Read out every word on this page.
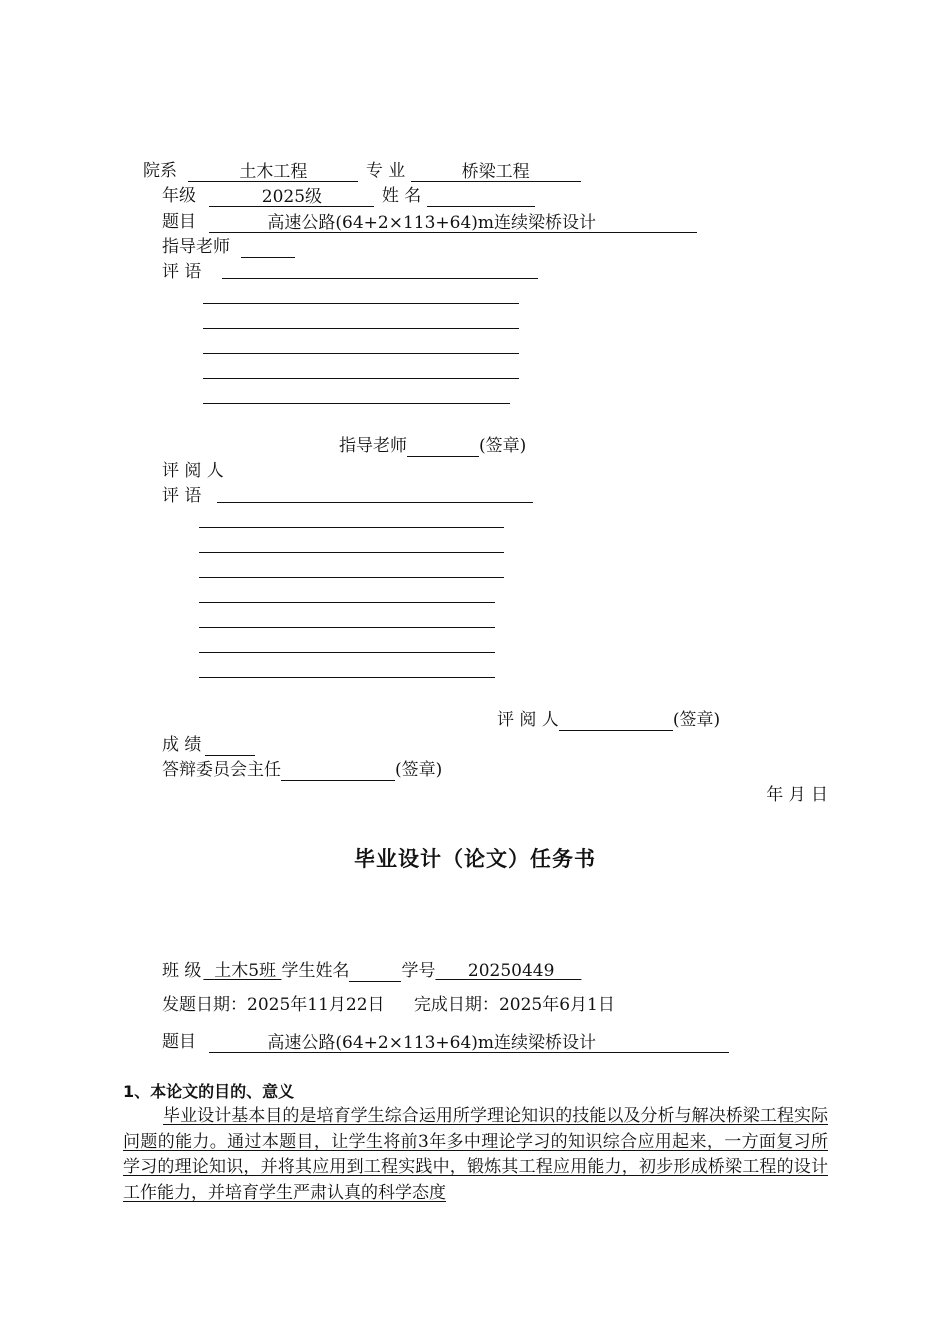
院系	土木工程	专 业	桥梁工程
年级	2025级	姓 名
题目	高速公路(64+2×113+64)m连续梁桥设计
指导老师
评 语
指导老师	(签章)
评 阅 人
评 语
评 阅 人	(签章)
成 绩
答辩委员会主任	(签章)
年 月 日
毕业设计（论文）任务书
班 级 土木5班 学生姓名	学号 20250449
发题日期：2025年11月22日 完成日期：2025年6月1日
题目	高速公路(64+2×113+64)m连续梁桥设计
1、本论文的目的、意义
毕业设计基本目的是培育学生综合运用所学理论知识的技能以及分析与解决桥梁工程实际问题的能力。通过本题目，让学生将前3年多中理论学习的知识综合应用起来，一方面复习所学习的理论知识，并将其应用到工程实践中，锻炼其工程应用能力，初步形成桥梁工程的设计工作能力，并培育学生严肃认真的科学态度
